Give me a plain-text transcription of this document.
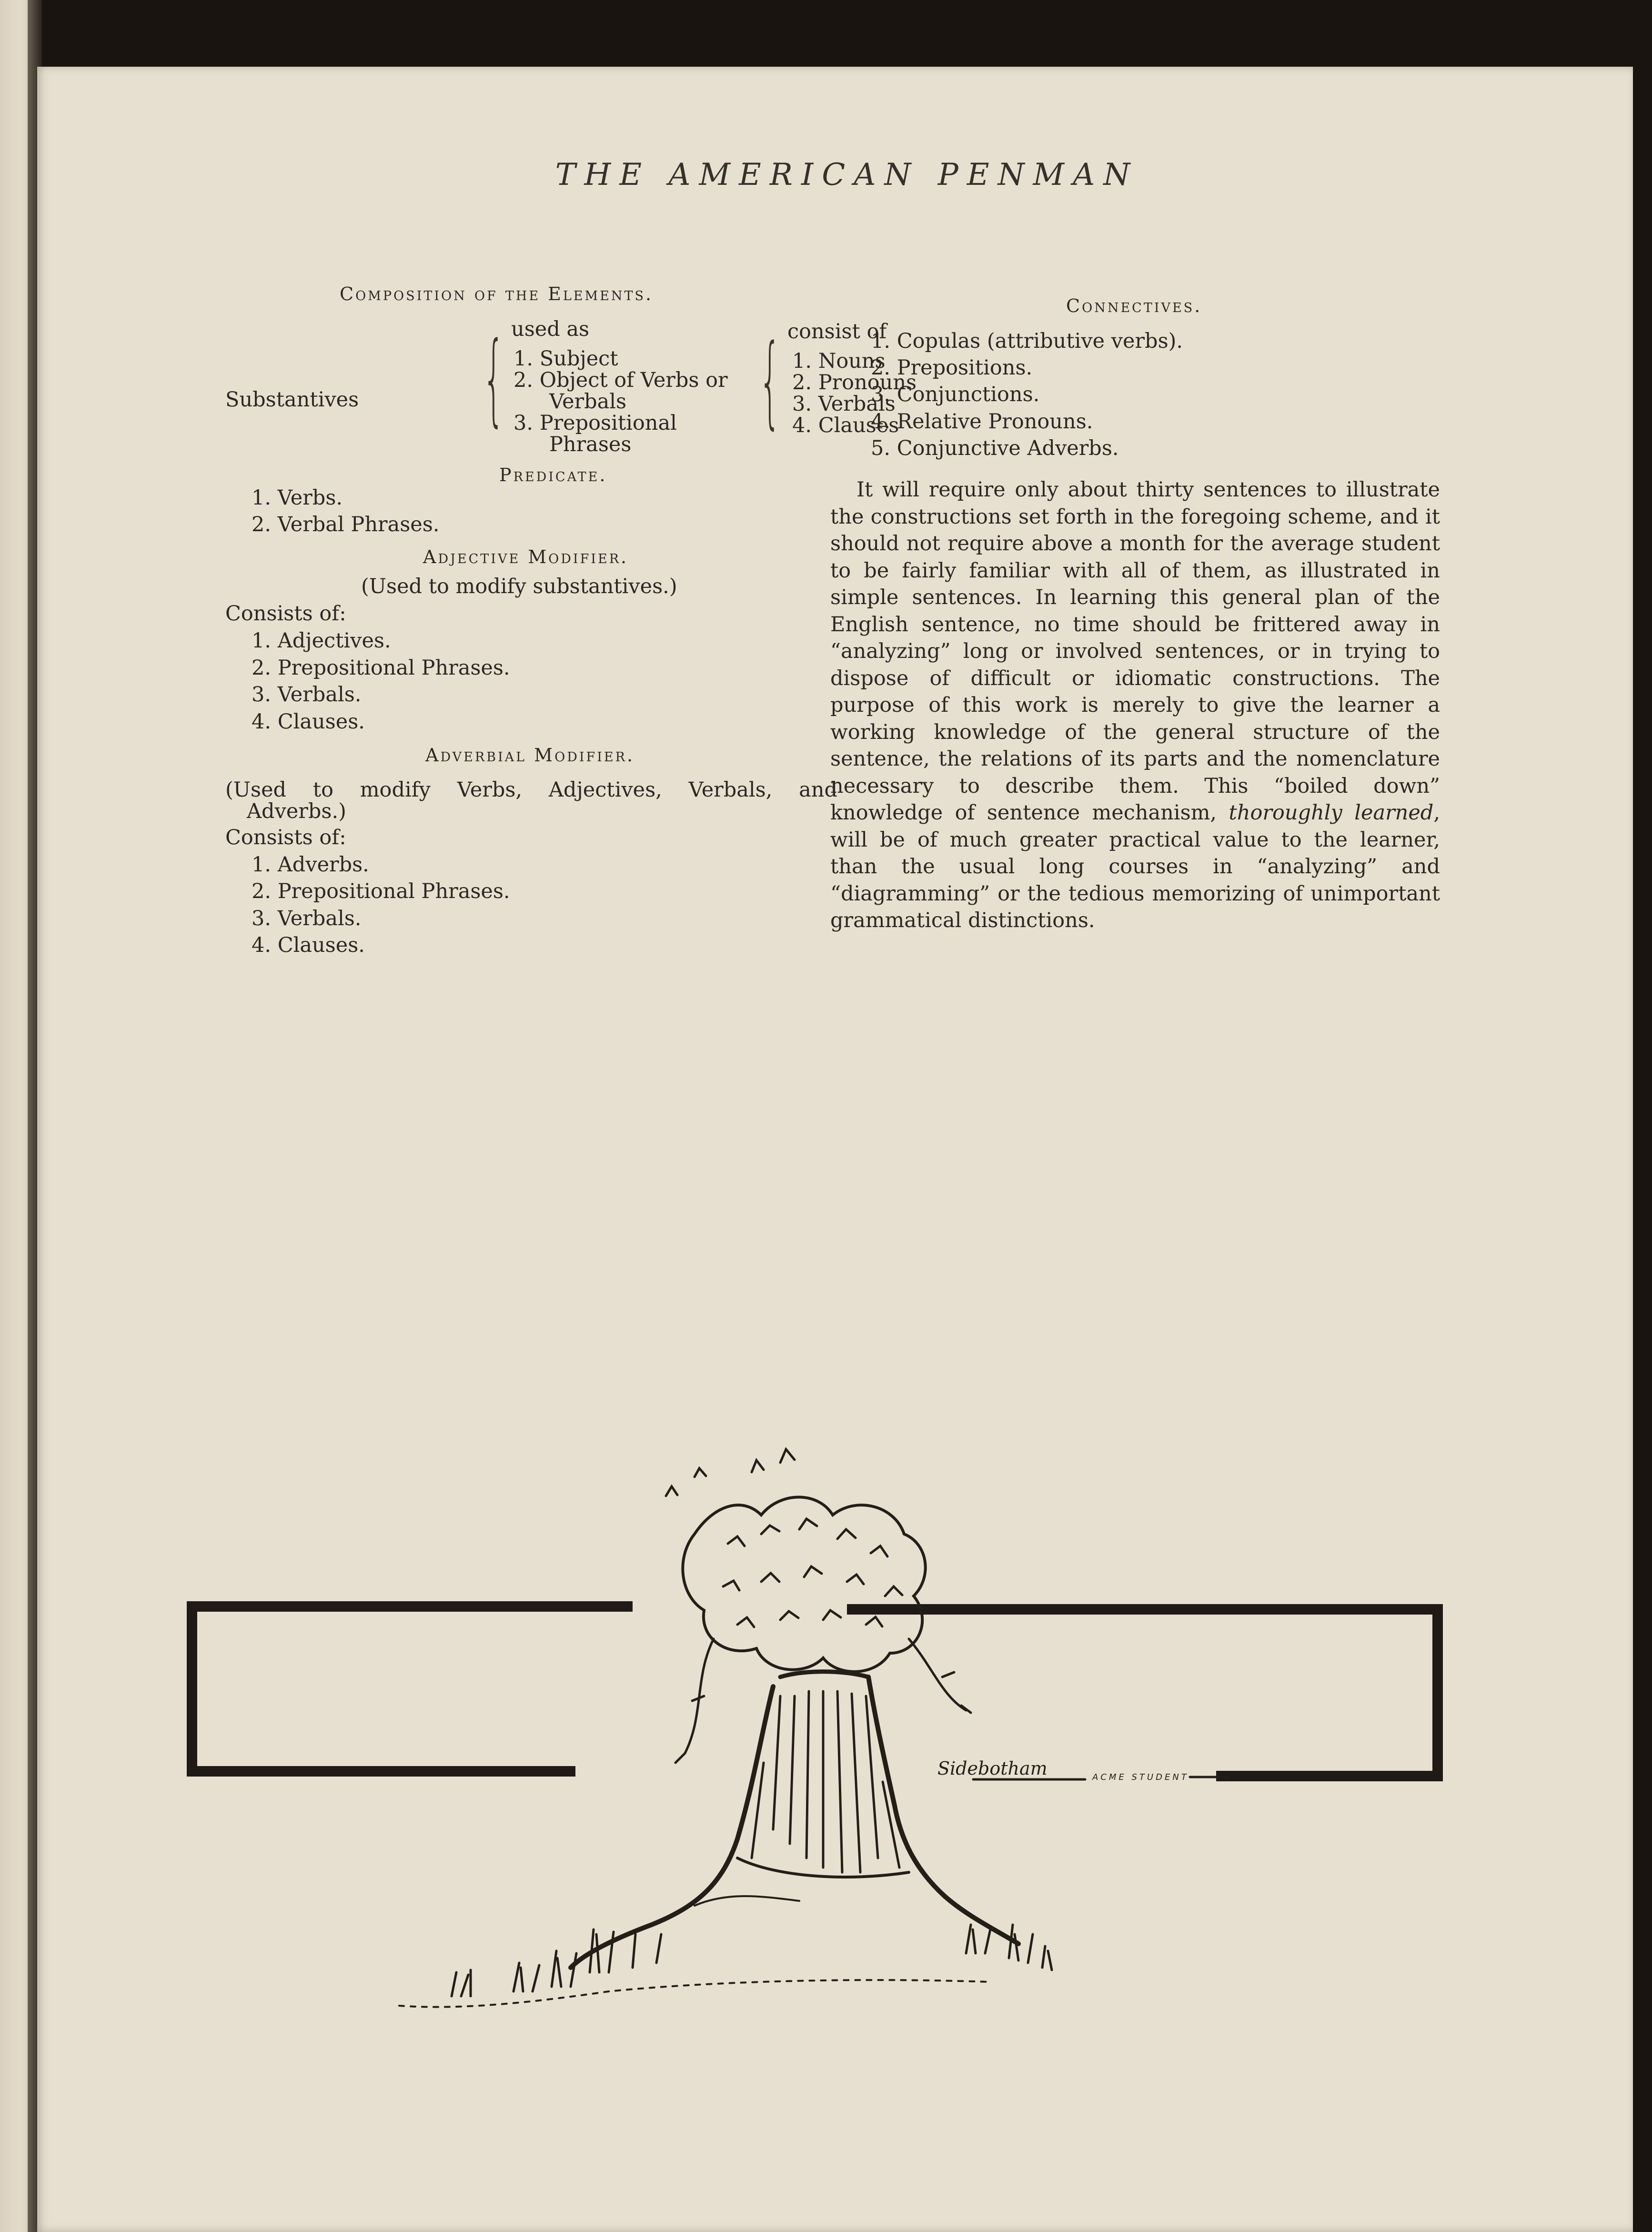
THE AMERICAN PENMAN
Composition of the Elements.
used as	consist of
Substantives { 1. Subject
2. Object of Verbs or
Verbals
3. Prepositional
Phrases
{ 1. Nouns
2. Pronouns
3. Verbals
4. Clauses
Predicate.
1. Verbs.
2. Verbal Phrases.
Adjective Modifier.
(Used to modify substantives.)
Consists of:
1. Adjectives.
2. Prepositional Phrases.
3. Verbals.
4. Clauses.
Adverbial Modifier.
(Used to modify Verbs, Adjectives, Verbals, and
Adverbs.)
Consists of:
1. Adverbs.
2. Prepositional Phrases.
3. Verbals.
4. Clauses.
Connectives.
1. Copulas (attributive verbs).
2. Prepositions.
3. Conjunctions.
4. Relative Pronouns.
5. Conjunctive Adverbs.

It will require only about thirty sentences to illustrate the constructions set forth in the foregoing scheme, and it should not require above a month for the average student to be fairly familiar with all of them, as illustrated in simple sentences. In learning this general plan of the English sentence, no time should be frittered away in “analyzing” long or involved sentences, or in trying to dispose of difficult or idiomatic constructions. The purpose of this work is merely to give the learner a working knowledge of the general structure of the sentence, the relations of its parts and the nomenclature necessary to describe them. This “boiled down” knowledge of sentence mechanism, thoroughly learned, will be of much greater practical value to the learner, than the usual long courses in “analyzing” and “diagramming” or the tedious memorizing of unimportant grammatical distinctions.

Sidebotham	ACME STUDENT
